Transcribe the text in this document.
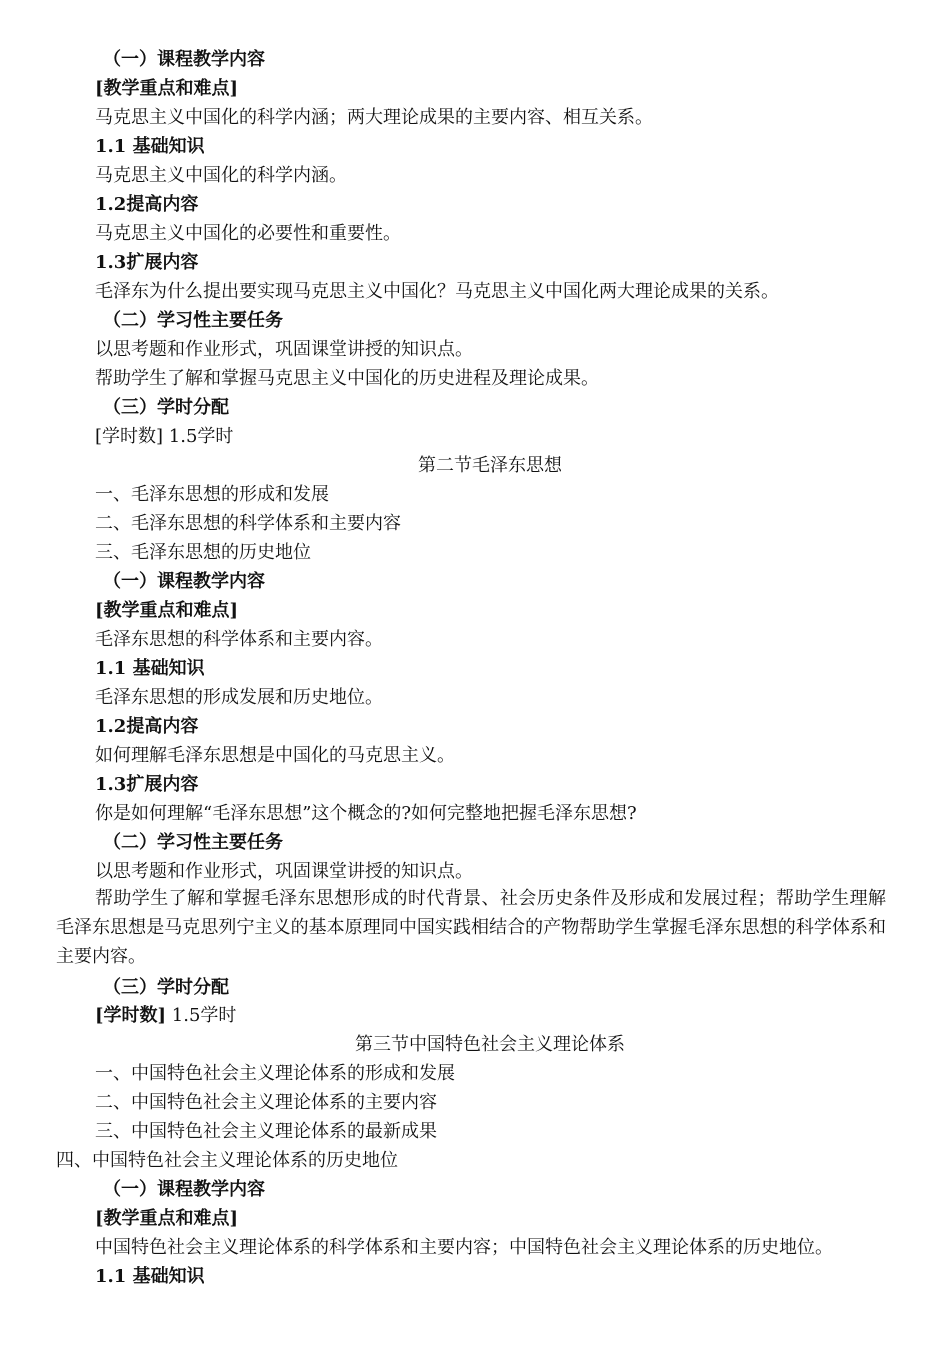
（一）课程教学内容
[教学重点和难点]
马克思主义中国化的科学内涵；两大理论成果的主要内容、相互关系。
1.1 基础知识
马克思主义中国化的科学内涵。
1.2提高内容
马克思主义中国化的必要性和重要性。
1.3扩展内容
毛泽东为什么提出要实现马克思主义中国化？马克思主义中国化两大理论成果的关系。
（二）学习性主要任务
以思考题和作业形式，巩固课堂讲授的知识点。
帮助学生了解和掌握马克思主义中国化的历史进程及理论成果。
（三）学时分配
[学时数] 1.5学时
第二节毛泽东思想
一、毛泽东思想的形成和发展
二、毛泽东思想的科学体系和主要内容
三、毛泽东思想的历史地位
（一）课程教学内容
[教学重点和难点]
毛泽东思想的科学体系和主要内容。
1.1 基础知识
毛泽东思想的形成发展和历史地位。
1.2提高内容
如何理解毛泽东思想是中国化的马克思主义。
1.3扩展内容
你是如何理解“毛泽东思想”这个概念的?如何完整地把握毛泽东思想?
（二）学习性主要任务
以思考题和作业形式，巩固课堂讲授的知识点。
帮助学生了解和掌握毛泽东思想形成的时代背景、社会历史条件及形成和发展过程；帮助学生理解毛泽东思想是马克思列宁主义的基本原理同中国实践相结合的产物帮助学生掌握毛泽东思想的科学体系和主要内容。
（三）学时分配
[学时数] 1.5学时
第三节中国特色社会主义理论体系
一、中国特色社会主义理论体系的形成和发展
二、中国特色社会主义理论体系的主要内容
三、中国特色社会主义理论体系的最新成果
四、中国特色社会主义理论体系的历史地位
（一）课程教学内容
[教学重点和难点]
中国特色社会主义理论体系的科学体系和主要内容；中国特色社会主义理论体系的历史地位。
1.1 基础知识
